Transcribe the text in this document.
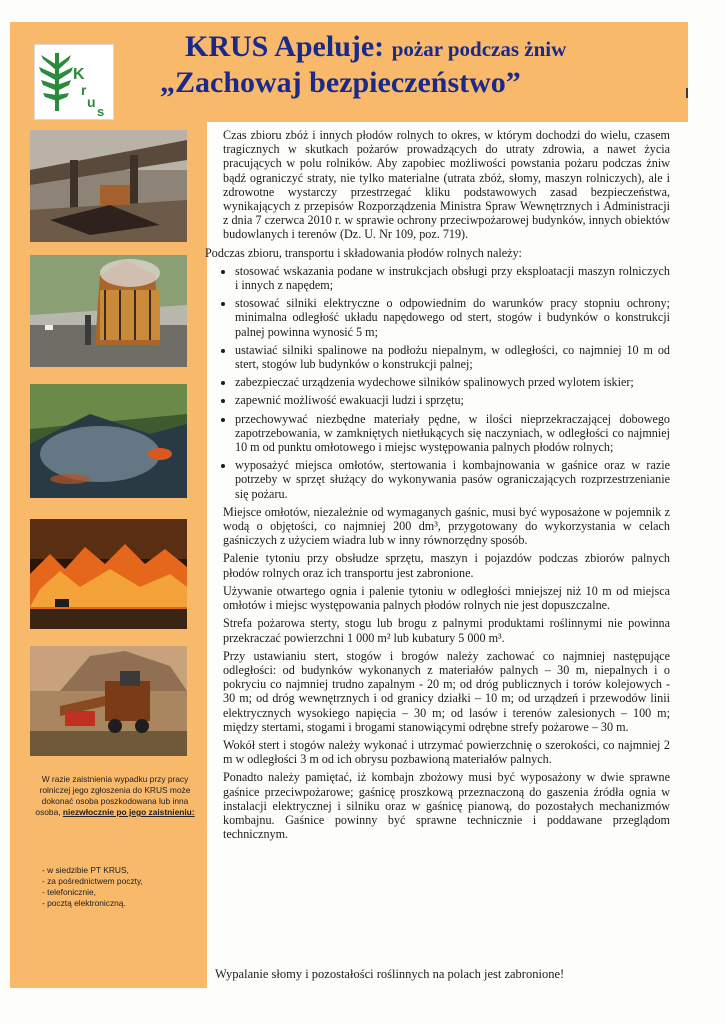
K
r
u
s
KRUS Apeluje: pożar podczas żniw
„Zachowaj bezpieczeństwo”
W razie zaistnienia wypadku przy pracy rolniczej jego zgłoszenia do KRUS może dokonać osoba poszkodowana lub inna osoba, niezwłocznie po jego zaistnieniu:
- w siedzibie PT KRUS,
- za pośrednictwem poczty,
- telefonicznie,
- pocztą elektroniczną.

Czas zbioru zbóż i innych płodów rolnych to okres, w którym dochodzi do wielu, czasem tragicznych w skutkach pożarów prowadzących do utraty zdrowia, a nawet życia pracujących w polu rolników. Aby zapobiec możliwości powstania pożaru podczas żniw bądź ograniczyć straty, nie tylko materialne (utrata zbóż, słomy, maszyn rolniczych), ale i zdrowotne wystarczy przestrzegać kliku podstawowych zasad bezpieczeństwa, wynikających z przepisów Rozporządzenia Ministra Spraw Wewnętrznych i Administracji z dnia 7 czerwca 2010 r. w sprawie ochrony przeciwpożarowej budynków, innych obiektów budowlanych i terenów (Dz. U. Nr 109, poz. 719).

Podczas zbioru, transportu i składowania płodów rolnych należy:

• stosować wskazania podane w instrukcjach obsługi przy eksploatacji maszyn rolniczych i innych z napędem;
• stosować silniki elektryczne o odpowiednim do warunków pracy stopniu ochrony; minimalna odległość układu napędowego od stert, stogów i budynków o konstrukcji palnej powinna wynosić 5 m;
• ustawiać silniki spalinowe na podłożu niepalnym, w odległości, co najmniej 10 m od stert, stogów lub budynków o konstrukcji palnej;
• zabezpieczać urządzenia wydechowe silników spalinowych przed wylotem iskier;
• zapewnić możliwość ewakuacji ludzi i sprzętu;
• przechowywać niezbędne materiały pędne, w ilości nieprzekraczającej dobowego zapotrzebowania, w zamkniętych nietłukących się naczyniach, w odległości co najmniej 10 m od punktu omłotowego i miejsc występowania palnych płodów rolnych;
• wyposażyć miejsca omłotów, stertowania i kombajnowania w gaśnice oraz w razie potrzeby w sprzęt służący do wykonywania pasów ograniczających rozprzestrzenianie się pożaru.

Miejsce omłotów, niezależnie od wymaganych gaśnic, musi być wyposażone w pojemnik z wodą o objętości, co najmniej 200 dm³, przygotowany do wykorzystania w celach gaśniczych z użyciem wiadra lub w inny równorzędny sposób.

Palenie tytoniu przy obsłudze sprzętu, maszyn i pojazdów podczas zbiorów palnych płodów rolnych oraz ich transportu jest zabronione.

Używanie otwartego ognia i palenie tytoniu w odległości mniejszej niż 10 m od miejsca omłotów i miejsc występowania palnych płodów rolnych nie jest dopuszczalne.

Strefa pożarowa sterty, stogu lub brogu z palnymi produktami roślinnymi nie powinna przekraczać powierzchni 1 000 m² lub kubatury 5 000 m³.

Przy ustawianiu stert, stogów i brogów należy zachować co najmniej następujące odległości: od budynków wykonanych z materiałów palnych – 30 m, niepalnych i o pokryciu co najmniej trudno zapalnym - 20 m; od dróg publicznych i torów kolejowych - 30 m; od dróg wewnętrznych i od granicy działki – 10 m; od urządzeń i przewodów linii elektrycznych wysokiego napięcia – 30 m; od lasów i terenów zalesionych – 100 m; między stertami, stogami i brogami stanowiącymi odrębne strefy pożarowe – 30 m.

Wokół stert i stogów należy wykonać i utrzymać powierzchnię o szerokości, co najmniej 2 m w odległości 3 m od ich obrysu pozbawioną materiałów palnych.

Ponadto należy pamiętać, iż kombajn zbożowy musi być wyposażony w dwie sprawne gaśnice przeciwpożarowe; gaśnicę proszkową przeznaczoną do gaszenia źródła ognia w instalacji elektrycznej i silniku oraz w gaśnicę pianową, do pozostałych mechanizmów kombajnu. Gaśnice powinny być sprawne technicznie i poddawane przeglądom technicznym.

Wypalanie słomy i pozostałości roślinnych na polach jest zabronione!
